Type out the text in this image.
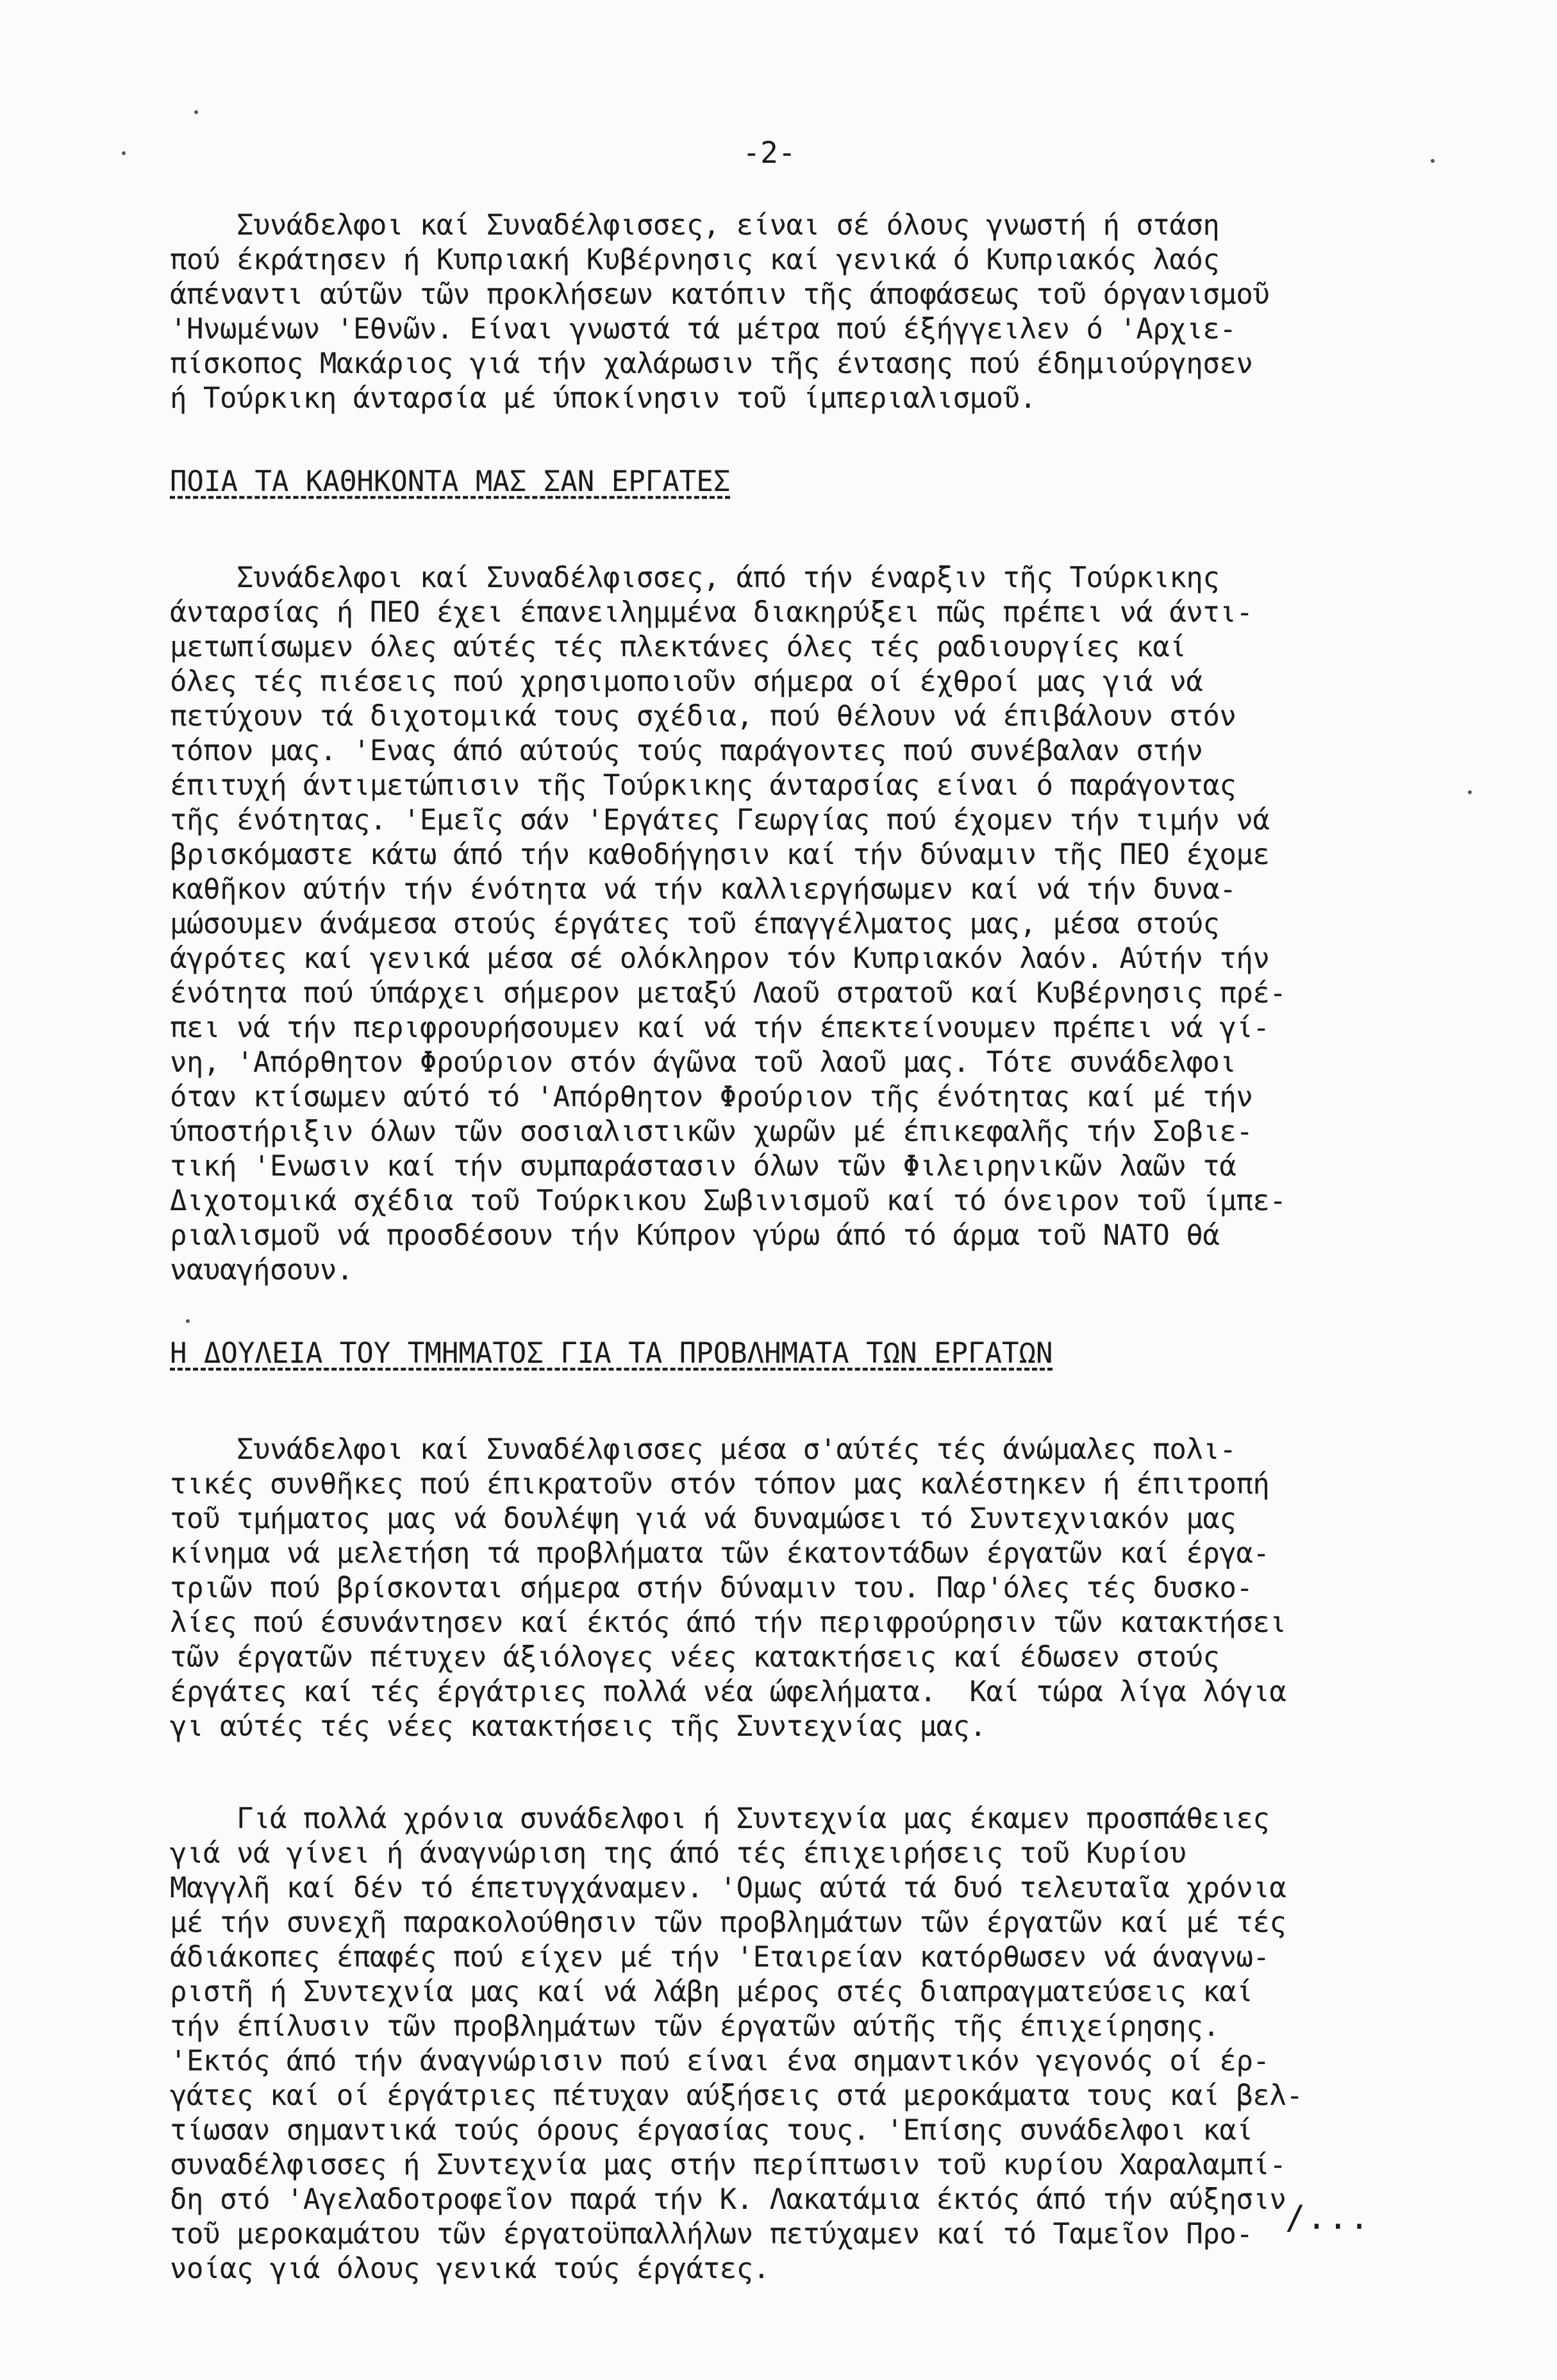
-2-
Συνάδελφοι καί Συναδέλφισσες, είναι σέ όλους γνωστή ή στάση
πού έκράτησεν ή Κυπριακή Κυβέρνησις καί γενικά ό Κυπριακός λαός
άπέναντι αύτῶν τῶν προκλήσεων κατόπιν τῆς άποφάσεως τοῦ όργανισμοῦ
'Ηνωμένων 'Εθνῶν. Είναι γνωστά τά μέτρα πού έξήγγειλεν ό 'Αρχιε-
πίσκοπος Μακάριος γιά τήν χαλάρωσιν τῆς έντασης πού έδημιούργησεν
ή Τούρκικη άνταρσία μέ ύποκίνησιν τοῦ ίμπεριαλισμοῦ.
ΠΟΙΑ ΤΑ ΚΑΘΗΚΟΝΤΑ ΜΑΣ ΣΑΝ ΕΡΓΑΤΕΣ
Συνάδελφοι καί Συναδέλφισσες, άπό τήν έναρξιν τῆς Τούρκικης
άνταρσίας ή ΠΕΟ έχει έπανειλημμένα διακηρύξει πῶς πρέπει νά άντι-
μετωπίσωμεν όλες αύτές τές πλεκτάνες όλες τές ραδιουργίες καί
όλες τές πιέσεις πού χρησιμοποιοῦν σήμερα οί έχθροί μας γιά νά
πετύχουν τά διχοτομικά τους σχέδια, πού θέλουν νά έπιβάλουν στόν
τόπον μας. 'Ενας άπό αύτούς τούς παράγοντες πού συνέβαλαν στήν
έπιτυχή άντιμετώπισιν τῆς Τούρκικης άνταρσίας είναι ό παράγοντας
τῆς ένότητας. 'Εμεῖς σάν 'Εργάτες Γεωργίας πού έχομεν τήν τιμήν νά
βρισκόμαστε κάτω άπό τήν καθοδήγησιν καί τήν δύναμιν τῆς ΠΕΟ έχομε
καθῆκον αύτήν τήν ένότητα νά τήν καλλιεργήσωμεν καί νά τήν δυνα-
μώσουμεν άνάμεσα στούς έργάτες τοῦ έπαγγέλματος μας, μέσα στούς
άγρότες καί γενικά μέσα σέ ολόκληρον τόν Κυπριακόν λαόν. Αύτήν τήν
ένότητα πού ύπάρχει σήμερον μεταξύ Λαοῦ στρατοῦ καί Κυβέρνησις πρέ-
πει νά τήν περιφρουρήσουμεν καί νά τήν έπεκτείνουμεν πρέπει νά γί-
νη, 'Απόρθητον Φρούριον στόν άγῶνα τοῦ λαοῦ μας. Τότε συνάδελφοι
όταν κτίσωμεν αύτό τό 'Απόρθητον Φρούριον τῆς ένότητας καί μέ τήν
ύποστήριξιν όλων τῶν σοσιαλιστικῶν χωρῶν μέ έπικεφαλῆς τήν Σοβιε-
τική 'Ενωσιν καί τήν συμπαράστασιν όλων τῶν Φιλειρηνικῶν λαῶν τά
Διχοτομικά σχέδια τοῦ Τούρκικου Σωβινισμοῦ καί τό όνειρον τοῦ ίμπε-
ριαλισμοῦ νά προσδέσουν τήν Κύπρον γύρω άπό τό άρμα τοῦ ΝΑΤΟ θά
ναυαγήσουν.
Η ΔΟΥΛΕΙΑ ΤΟΥ ΤΜΗΜΑΤΟΣ ΓΙΑ ΤΑ ΠΡΟΒΛΗΜΑΤΑ ΤΩΝ ΕΡΓΑΤΩΝ
Συνάδελφοι καί Συναδέλφισσες μέσα σ'αύτές τές άνώμαλες πολι-
τικές συνθῆκες πού έπικρατοῦν στόν τόπον μας καλέστηκεν ή έπιτροπή
τοῦ τμήματος μας νά δουλέψη γιά νά δυναμώσει τό Συντεχνιακόν μας
κίνημα νά μελετήση τά προβλήματα τῶν έκατοντάδων έργατῶν καί έργα-
τριῶν πού βρίσκονται σήμερα στήν δύναμιν του. Παρ'όλες τές δυσκο-
λίες πού έσυνάντησεν καί έκτός άπό τήν περιφρούρησιν τῶν κατακτήσει
τῶν έργατῶν πέτυχεν άξιόλογες νέες κατακτήσεις καί έδωσεν στούς
έργάτες καί τές έργάτριες πολλά νέα ώφελήματα.  Καί τώρα λίγα λόγια
γι αύτές τές νέες κατακτήσεις τῆς Συντεχνίας μας.
Γιά πολλά χρόνια συνάδελφοι ή Συντεχνία μας έκαμεν προσπάθειες
γιά νά γίνει ή άναγνώριση της άπό τές έπιχειρήσεις τοῦ Κυρίου
Μαγγλῆ καί δέν τό έπετυγχάναμεν. 'Ομως αύτά τά δυό τελευταῖα χρόνια
μέ τήν συνεχῆ παρακολούθησιν τῶν προβλημάτων τῶν έργατῶν καί μέ τές
άδιάκοπες έπαφές πού είχεν μέ τήν 'Εταιρείαν κατόρθωσεν νά άναγνω-
ριστῆ ή Συντεχνία μας καί νά λάβη μέρος στές διαπραγματεύσεις καί
τήν έπίλυσιν τῶν προβλημάτων τῶν έργατῶν αύτῆς τῆς έπιχείρησης.
'Εκτός άπό τήν άναγνώρισιν πού είναι ένα σημαντικόν γεγονός οί έρ-
γάτες καί οί έργάτριες πέτυχαν αύξήσεις στά μεροκάματα τους καί βελ-
τίωσαν σημαντικά τούς όρους έργασίας τους. 'Επίσης συνάδελφοι καί
συναδέλφισσες ή Συντεχνία μας στήν περίπτωσιν τοῦ κυρίου Χαραλαμπί-
δη στό 'Αγελαδοτροφεῖον παρά τήν Κ. Λακατάμια έκτός άπό τήν αύξησιν
τοῦ μεροκαμάτου τῶν έργατοϋπαλλήλων πετύχαμεν καί τό Ταμεῖον Προ-
νοίας γιά όλους γενικά τούς έργάτες.
/...
